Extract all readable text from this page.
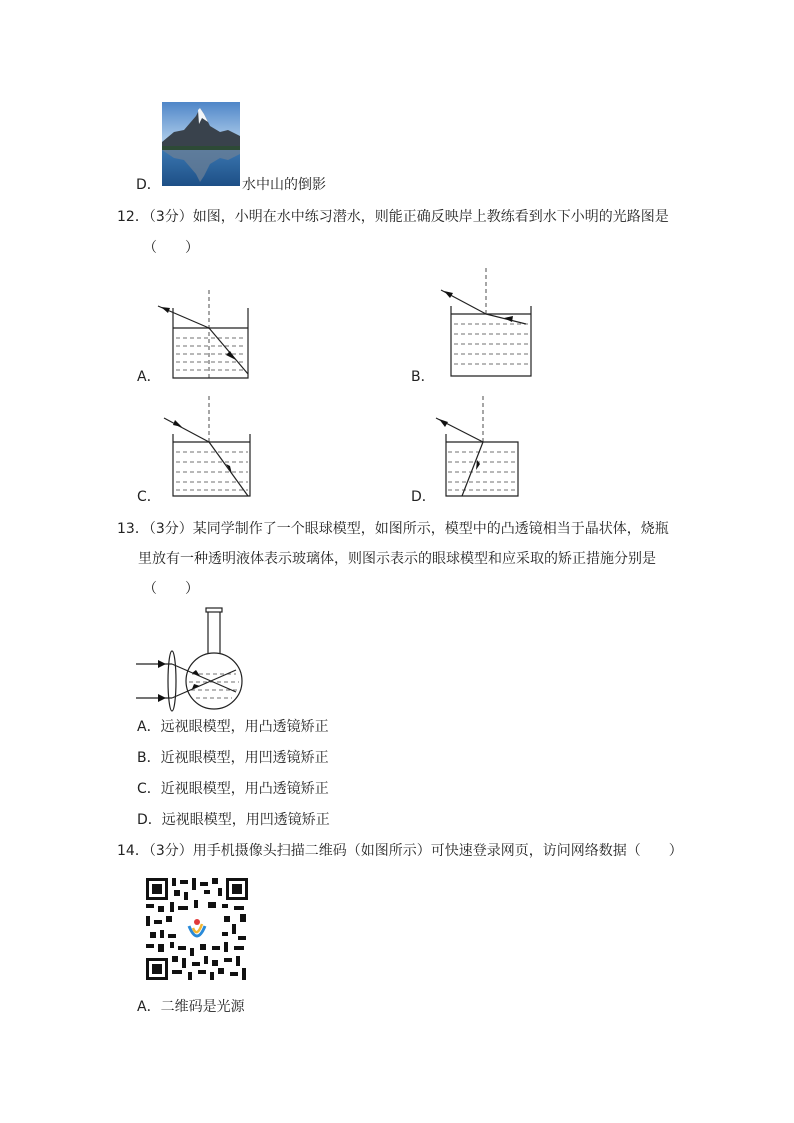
D．	水中山的倒影
12．（3分）如图，小明在水中练习潜水，则能正确反映岸上教练看到水下小明的光路图是
（　　）
A．	B．
C．	D．
13．（3分）某同学制作了一个眼球模型，如图所示，模型中的凸透镜相当于晶状体，烧瓶
里放有一种透明液体表示玻璃体，则图示表示的眼球模型和应采取的矫正措施分别是
（　　）
A．远视眼模型，用凸透镜矫正
B．近视眼模型，用凹透镜矫正
C．近视眼模型，用凸透镜矫正
D．远视眼模型，用凹透镜矫正
14．（3分）用手机摄像头扫描二维码（如图所示）可快速登录网页，访问网络数据（　　）
A．二维码是光源
